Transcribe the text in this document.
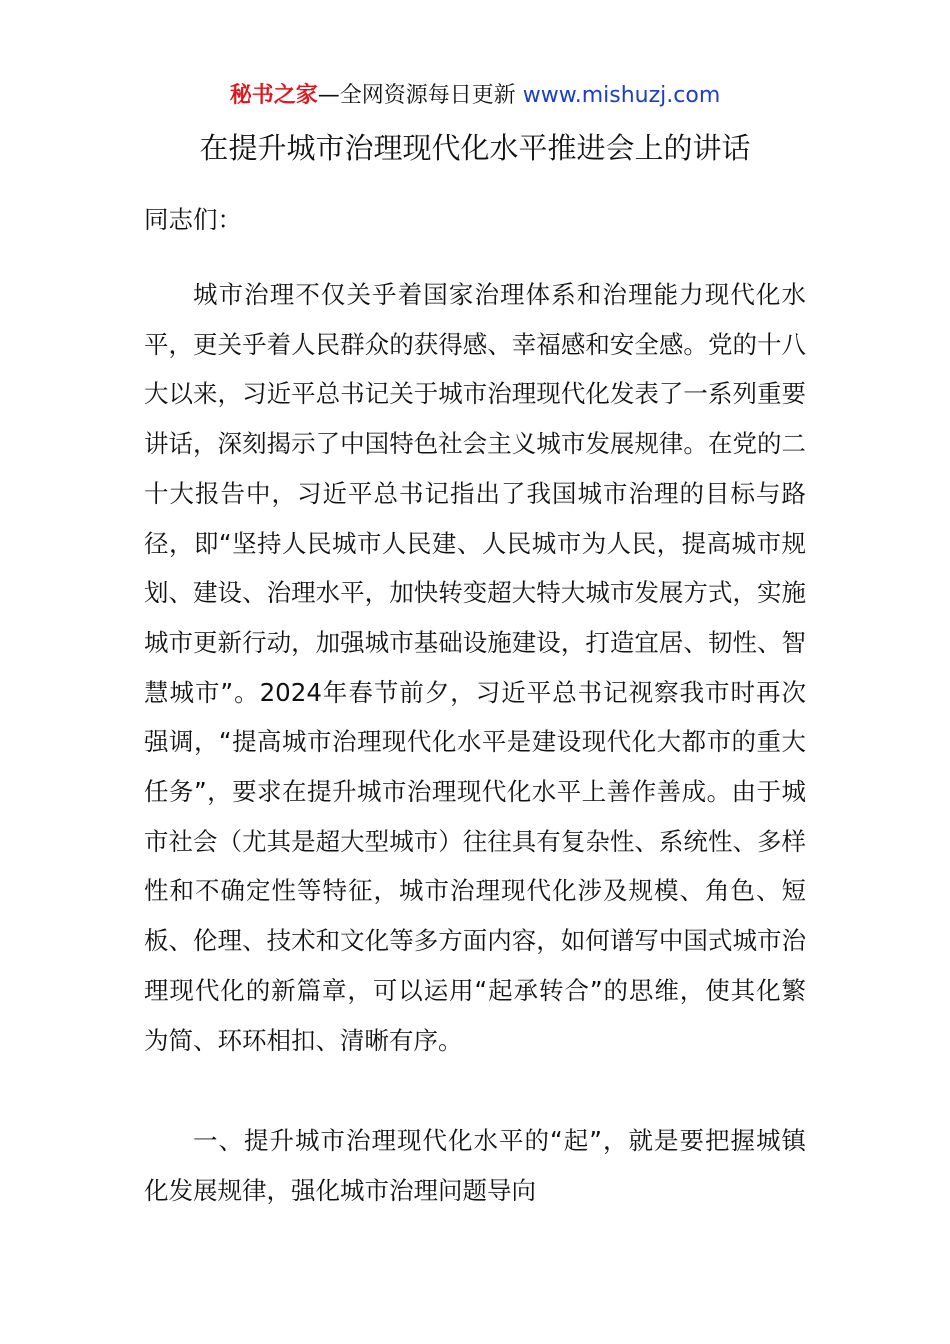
秘书之家—全网资源每日更新 www.mishuzj.com
在提升城市治理现代化水平推进会上的讲话
同志们：
城市治理不仅关乎着国家治理体系和治理能力现代化水平，更关乎着人民群众的获得感、幸福感和安全感。党的十八大以来，习近平总书记关于城市治理现代化发表了一系列重要讲话，深刻揭示了中国特色社会主义城市发展规律。在党的二十大报告中，习近平总书记指出了我国城市治理的目标与路径，即“坚持人民城市人民建、人民城市为人民，提高城市规划、建设、治理水平，加快转变超大特大城市发展方式，实施城市更新行动，加强城市基础设施建设，打造宜居、韧性、智慧城市”。2024年春节前夕，习近平总书记视察我市时再次强调，“提高城市治理现代化水平是建设现代化大都市的重大任务”，要求在提升城市治理现代化水平上善作善成。由于城市社会（尤其是超大型城市）往往具有复杂性、系统性、多样性和不确定性等特征，城市治理现代化涉及规模、角色、短板、伦理、技术和文化等多方面内容，如何谱写中国式城市治理现代化的新篇章，可以运用“起承转合”的思维，使其化繁为简、环环相扣、清晰有序。
一、提升城市治理现代化水平的“起”，就是要把握城镇化发展规律，强化城市治理问题导向
